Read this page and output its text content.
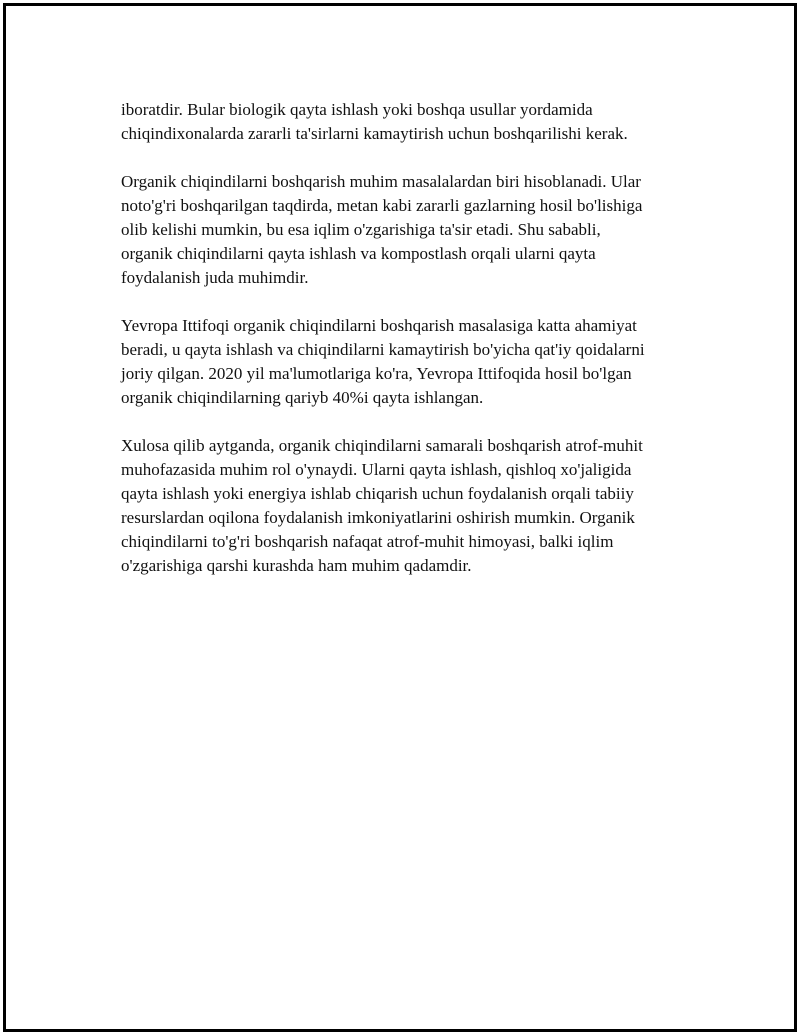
iboratdir. Bular biologik qayta ishlash yoki boshqa usullar yordamida
chiqindixonalarda zararli ta'sirlarni kamaytirish uchun boshqarilishi kerak.

Organik chiqindilarni boshqarish muhim masalalardan biri hisoblanadi. Ular
noto'g'ri boshqarilgan taqdirda, metan kabi zararli gazlarning hosil bo'lishiga
olib kelishi mumkin, bu esa iqlim o'zgarishiga ta'sir etadi. Shu sababli,
organik chiqindilarni qayta ishlash va kompostlash orqali ularni qayta
foydalanish juda muhimdir.

Yevropa Ittifoqi organik chiqindilarni boshqarish masalasiga katta ahamiyat
beradi, u qayta ishlash va chiqindilarni kamaytirish bo'yicha qat'iy qoidalarni
joriy qilgan. 2020 yil ma'lumotlariga ko'ra, Yevropa Ittifoqida hosil bo'lgan
organik chiqindilarning qariyb 40%i qayta ishlangan.

Xulosa qilib aytganda, organik chiqindilarni samarali boshqarish atrof-muhit
muhofazasida muhim rol o'ynaydi. Ularni qayta ishlash, qishloq xo'jaligida
qayta ishlash yoki energiya ishlab chiqarish uchun foydalanish orqali tabiiy
resurslardan oqilona foydalanish imkoniyatlarini oshirish mumkin. Organik
chiqindilarni to'g'ri boshqarish nafaqat atrof-muhit himoyasi, balki iqlim
o'zgarishiga qarshi kurashda ham muhim qadamdir.
